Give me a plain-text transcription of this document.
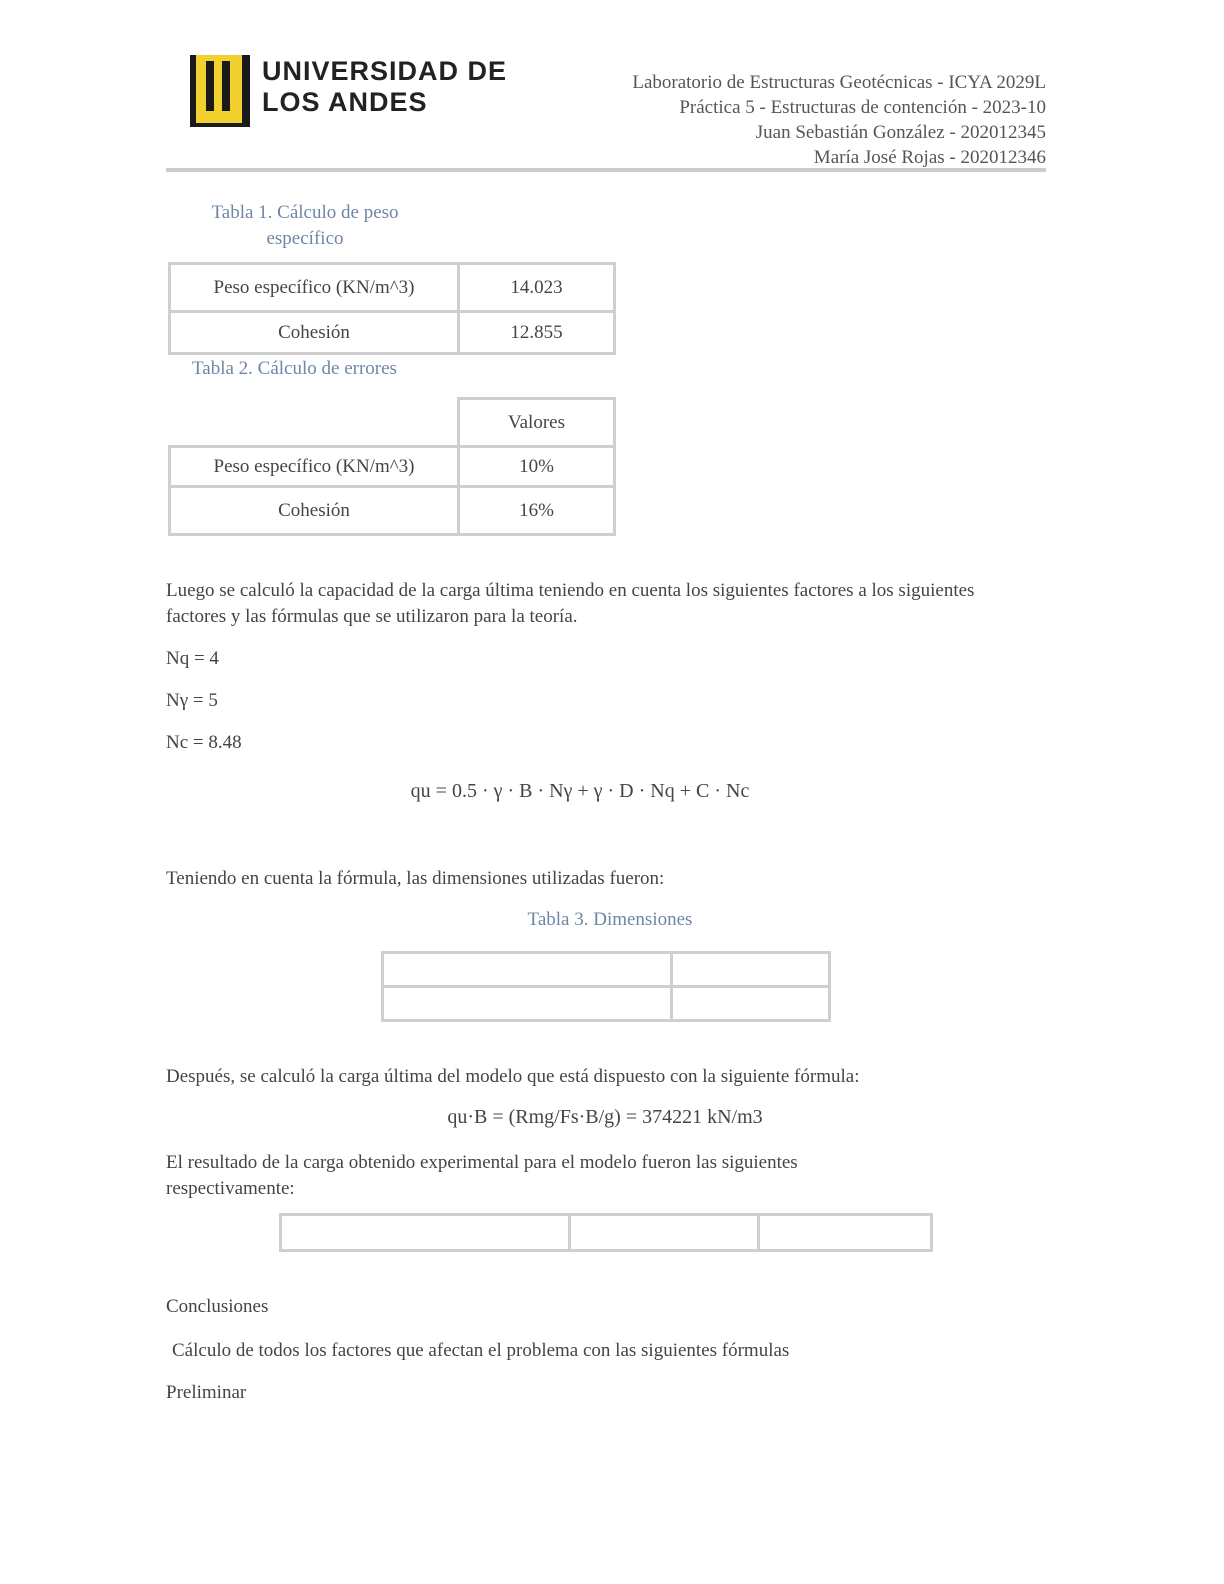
UNIVERSIDAD DE
LOS ANDES
Laboratorio de Estructuras Geotécnicas - ICYA 2029L
Práctica 5 - Estructuras de contención - 2023-10
Juan Sebastián González - 202012345
María José Rojas - 202012346
Tabla 1. Cálculo de peso específico
Peso específico (KN/m^3)	14.023
Cohesión	12.855
Tabla 2. Cálculo de errores
	Valores
Peso específico (KN/m^3)	10%
Cohesión	16%
Luego se calculó la capacidad de la carga última teniendo en cuenta los siguientes factores a los siguientes factores y las fórmulas que se utilizaron para la teoría.
Nq = 4
Nγ = 5
Nc = 8.48
qu = 0.5 · γ · B · Nγ + γ · D · Nq + C · Nc
Teniendo en cuenta la fórmula, las dimensiones utilizadas fueron:
Tabla 3. Dimensiones

Después, se calculó la carga última del modelo que está dispuesto con la siguiente fórmula:
qu·B = (Rmg/Fs·B/g) = 374221 kN/m3
El resultado de la carga obtenido experimental para el modelo fueron las siguientes respectivamente:

Conclusiones
Cálculo de todos los factores que afectan el problema con las siguientes fórmulas
Preliminar
